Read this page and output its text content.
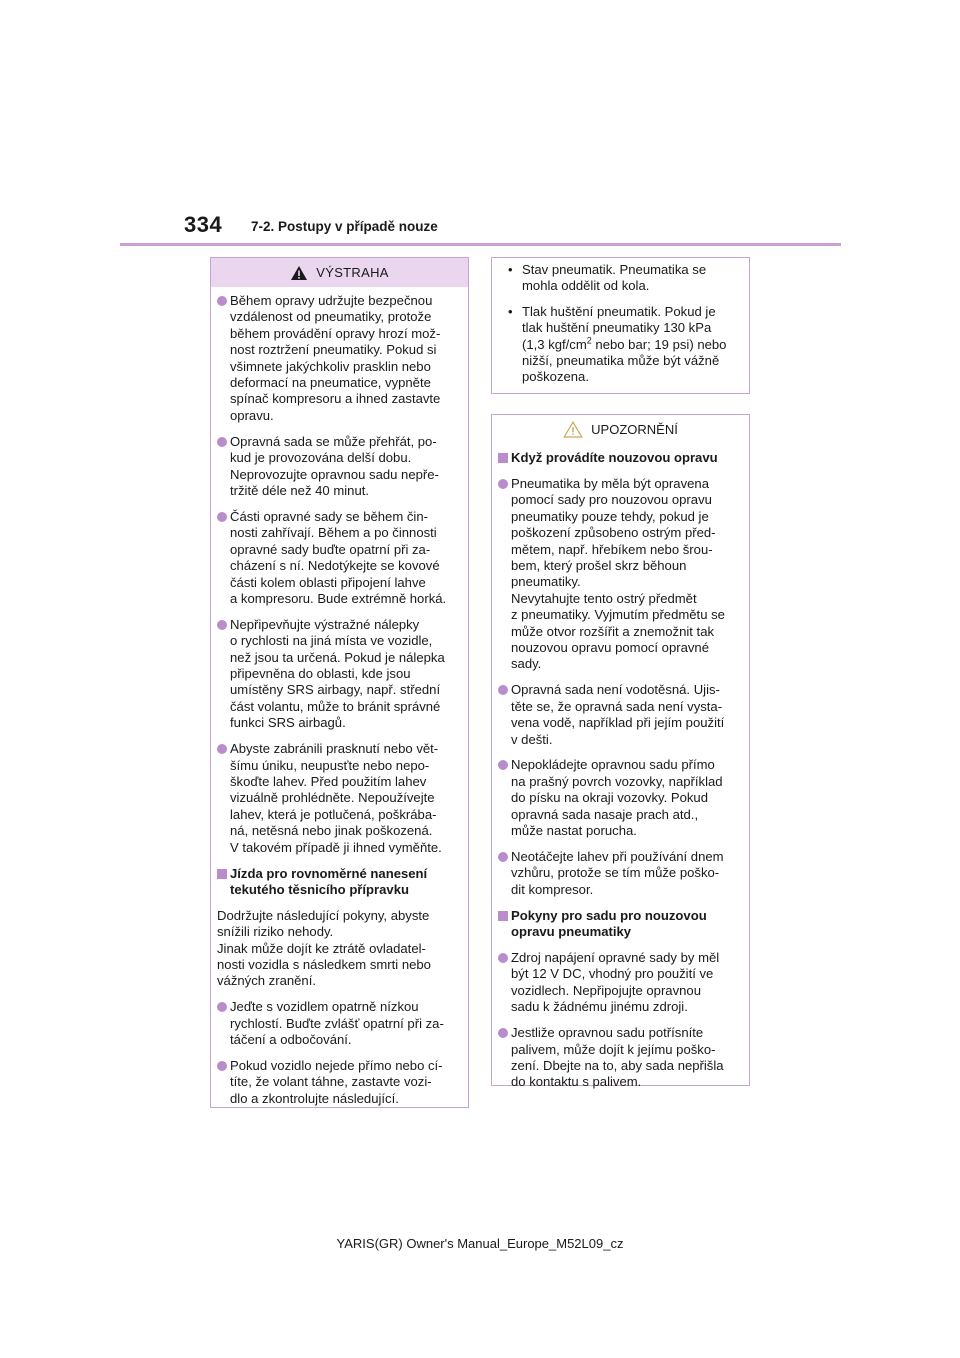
334 7-2. Postupy v případě nouze
VÝSTRAHA
Během opravy udržujte bezpečnou
vzdálenost od pneumatiky, protože
během provádění opravy hrozí mož-
nost roztržení pneumatiky. Pokud si
všimnete jakýchkoliv prasklin nebo
deformací na pneumatice, vypněte
spínač kompresoru a ihned zastavte
opravu.
Opravná sada se může přehřát, po-
kud je provozována delší dobu.
Neprovozujte opravnou sadu nepře-
tržitě déle než 40 minut.
Části opravné sady se během čin-
nosti zahřívají. Během a po činnosti
opravné sady buďte opatrní při za-
cházení s ní. Nedotýkejte se kovové
části kolem oblasti připojení lahve
a kompresoru. Bude extrémně horká.
Nepřipevňujte výstražné nálepky
o rychlosti na jiná místa ve vozidle,
než jsou ta určená. Pokud je nálepka
připevněna do oblasti, kde jsou
umístěny SRS airbagy, např. střední
část volantu, může to bránit správné
funkci SRS airbagů.
Abyste zabránili prasknutí nebo vět-
šímu úniku, neupusťte nebo nepo-
škoďte lahev. Před použitím lahev
vizuálně prohlédněte. Nepoužívejte
lahev, která je potlučená, poškrába-
ná, netěsná nebo jinak poškozená.
V takovém případě ji ihned vyměňte.
Jízda pro rovnoměrné nanesení
tekutého těsnicího přípravku
Dodržujte následující pokyny, abyste
snížili riziko nehody.
Jinak může dojít ke ztrátě ovladatel-
nosti vozidla s následkem smrti nebo
vážných zranění.
Jeďte s vozidlem opatrně nízkou
rychlostí. Buďte zvlášť opatrní při za-
táčení a odbočování.
Pokud vozidlo nejede přímo nebo cí-
títe, že volant táhne, zastavte vozi-
dlo a zkontrolujte následující.
• Stav pneumatik. Pneumatika se
mohla oddělit od kola.
• Tlak huštění pneumatik. Pokud je
tlak huštění pneumatiky 130 kPa
(1,3 kgf/$cm^2$ nebo bar; 19 psi) nebo
nižší, pneumatika může být vážně
poškozena.
UPOZORNĚNÍ
Když provádíte nouzovou opravu
Pneumatika by měla být opravena
pomocí sady pro nouzovou opravu
pneumatiky pouze tehdy, pokud je
poškození způsobeno ostrým před-
mětem, např. hřebíkem nebo šrou-
bem, který prošel skrz běhoun
pneumatiky.
Nevytahujte tento ostrý předmět
z pneumatiky. Vyjmutím předmětu se
může otvor rozšířit a znemožnit tak
nouzovou opravu pomocí opravné
sady.
Opravná sada není vodotěsná. Ujis-
těte se, že opravná sada není vysta-
vena vodě, například při jejím použití
v dešti.
Nepokládejte opravnou sadu přímo
na prašný povrch vozovky, například
do písku na okraji vozovky. Pokud
opravná sada nasaje prach atd.,
může nastat porucha.
Neotáčejte lahev při používání dnem
vzhůru, protože se tím může poško-
dit kompresor.
Pokyny pro sadu pro nouzovou
opravu pneumatiky
Zdroj napájení opravné sady by měl
být 12 V DC, vhodný pro použití ve
vozidlech. Nepřipojujte opravnou
sadu k žádnému jinému zdroji.
Jestliže opravnou sadu potřísníte
palivem, může dojít k jejímu poško-
zení. Dbejte na to, aby sada nepřišla
do kontaktu s palivem.
YARIS(GR) Owner's Manual_Europe_M52L09_cz
